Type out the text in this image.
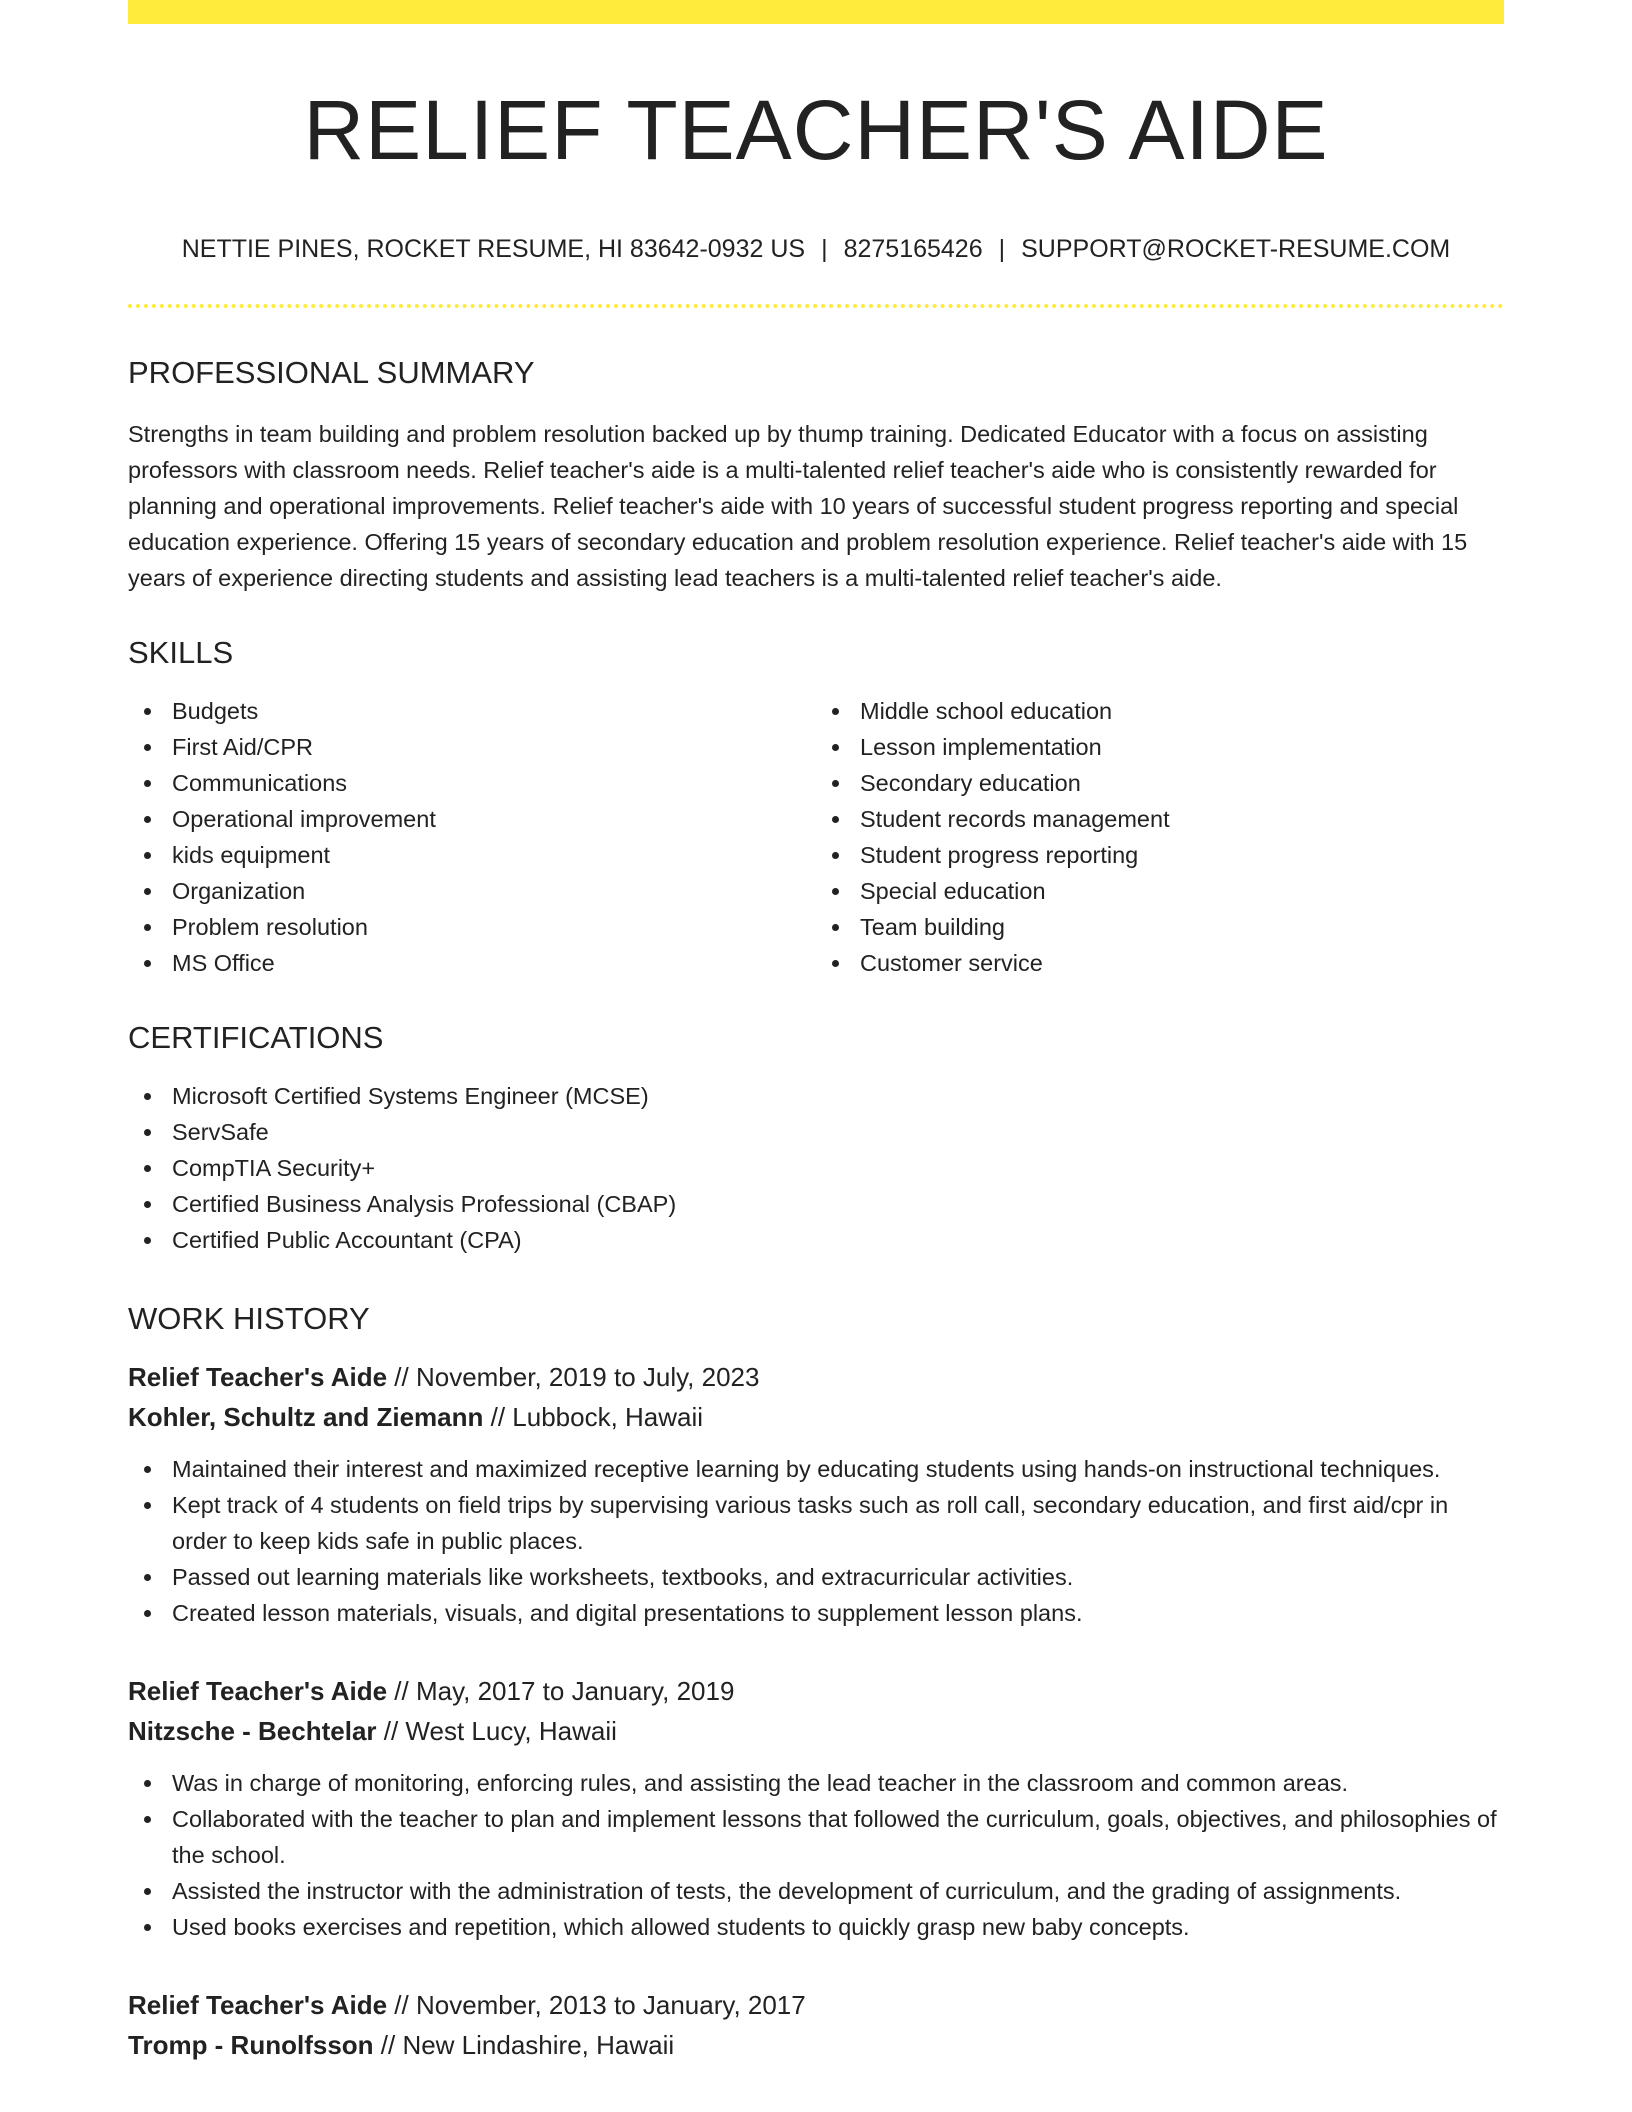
RELIEF TEACHER'S AIDE
NETTIE PINES, ROCKET RESUME, HI 83642-0932 US | 8275165426 | SUPPORT@ROCKET-RESUME.COM
PROFESSIONAL SUMMARY

Strengths in team building and problem resolution backed up by thump training. Dedicated Educator with a focus on assisting professors with classroom needs. Relief teacher's aide is a multi-talented relief teacher's aide who is consistently rewarded for planning and operational improvements. Relief teacher's aide with 10 years of successful student progress reporting and special education experience. Offering 15 years of secondary education and problem resolution experience. Relief teacher's aide with 15 years of experience directing students and assisting lead teachers is a multi-talented relief teacher's aide.

SKILLS
Budgets
First Aid/CPR
Communications
Operational improvement
kids equipment
Organization
Problem resolution
MS Office
Middle school education
Lesson implementation
Secondary education
Student records management
Student progress reporting
Special education
Team building
Customer service
CERTIFICATIONS
Microsoft Certified Systems Engineer (MCSE)
ServSafe
CompTIA Security+
Certified Business Analysis Professional (CBAP)
Certified Public Accountant (CPA)
WORK HISTORY
Relief Teacher's Aide // November, 2019 to July, 2023
Kohler, Schultz and Ziemann // Lubbock, Hawaii
Maintained their interest and maximized receptive learning by educating students using hands-on instructional techniques.
Kept track of 4 students on field trips by supervising various tasks such as roll call, secondary education, and first aid/cpr in order to keep kids safe in public places.
Passed out learning materials like worksheets, textbooks, and extracurricular activities.
Created lesson materials, visuals, and digital presentations to supplement lesson plans.
Relief Teacher's Aide // May, 2017 to January, 2019
Nitzsche - Bechtelar // West Lucy, Hawaii
Was in charge of monitoring, enforcing rules, and assisting the lead teacher in the classroom and common areas.
Collaborated with the teacher to plan and implement lessons that followed the curriculum, goals, objectives, and philosophies of the school.
Assisted the instructor with the administration of tests, the development of curriculum, and the grading of assignments.
Used books exercises and repetition, which allowed students to quickly grasp new baby concepts.
Relief Teacher's Aide // November, 2013 to January, 2017
Tromp - Runolfsson // New Lindashire, Hawaii
